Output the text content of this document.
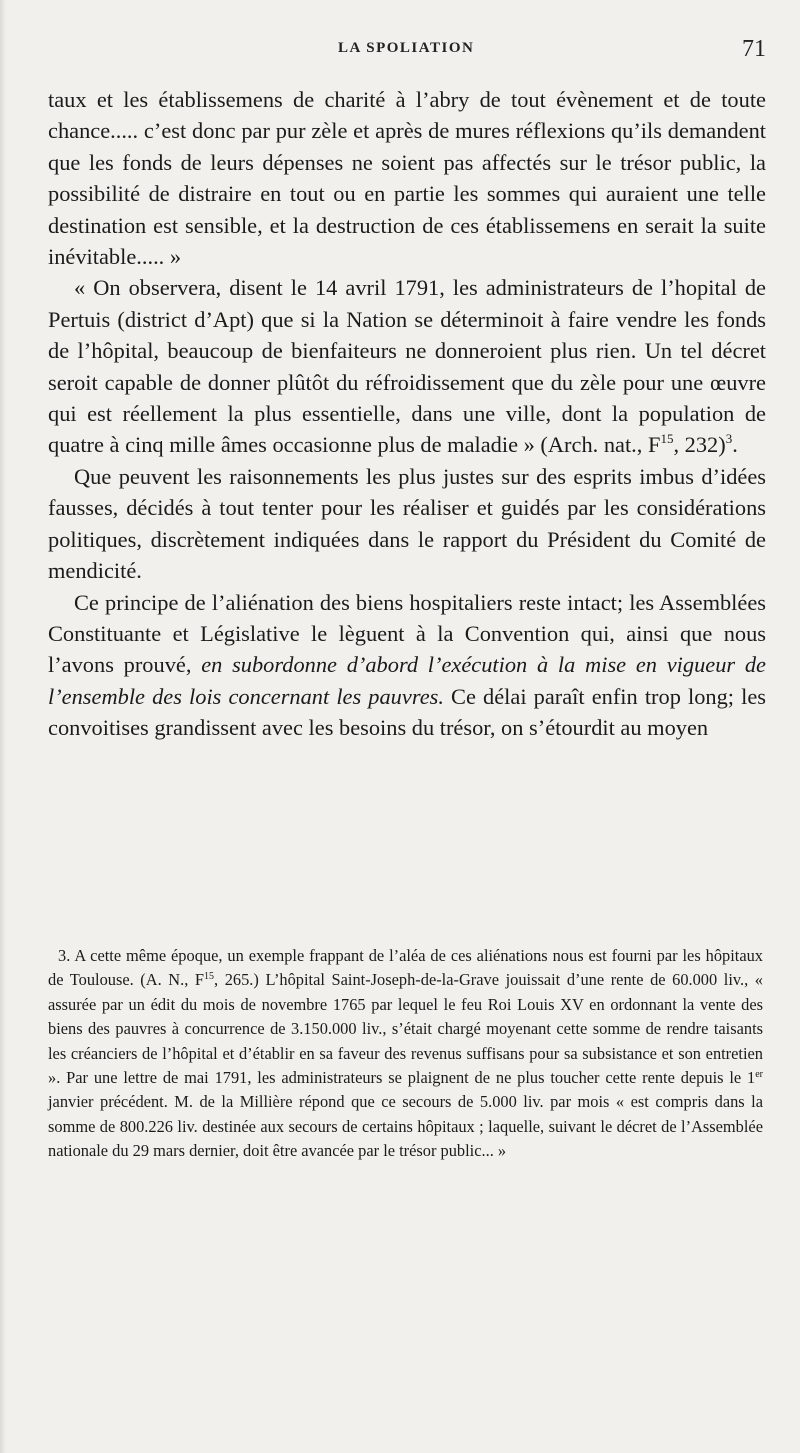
LA SPOLIATION	71

taux et les établissemens de charité à l’abry de tout évènement et de toute chance..... c’est donc par pur zèle et après de mures réflexions qu’ils demandent que les fonds de leurs dépenses ne soient pas affectés sur le trésor public, la possibilité de distraire en tout ou en partie les sommes qui auraient une telle destination est sensible, et la destruction de ces établissemens en serait la suite inévitable..... »

« On observera, disent le 14 avril 1791, les administrateurs de l’hopital de Pertuis (district d’Apt) que si la Nation se déterminoit à faire vendre les fonds de l’hôpital, beaucoup de bienfaiteurs ne donneroient plus rien. Un tel décret seroit capable de donner plûtôt du réfroidissement que du zèle pour une œuvre qui est réellement la plus essentielle, dans une ville, dont la population de quatre à cinq mille âmes occasionne plus de maladie » (Arch. nat., F$^{15}$, 232)$^3$.

Que peuvent les raisonnements les plus justes sur des esprits imbus d’idées fausses, décidés à tout tenter pour les réaliser et guidés par les considérations politiques, discrètement indiquées dans le rapport du Président du Comité de mendicité.

Ce principe de l’aliénation des biens hospitaliers reste intact; les Assemblées Constituante et Législative le lèguent à la Convention qui, ainsi que nous l’avons prouvé, en subordonne d’abord l’exécution à la mise en vigueur de l’ensemble des lois concernant les pauvres. Ce délai paraît enfin trop long; les convoitises grandissent avec les besoins du trésor, on s’étourdit au moyen

3. A cette même époque, un exemple frappant de l’aléa de ces aliénations nous est fourni par les hôpitaux de Toulouse. (A. N., $F^{15}$, 265.) L’hôpital Saint-Joseph-de-la-Grave jouissait d’une rente de 60.000 liv., « assurée par un édit du mois de novembre 1765 par lequel le feu Roi Louis XV en ordonnant la vente des biens des pauvres à concurrence de 3.150.000 liv., s’était chargé moyenant cette somme de rendre taisants les créanciers de l’hôpital et d’établir en sa faveur des revenus suffisans pour sa subsistance et son entretien ». Par une lettre de mai 1791, les administrateurs se plaignent de ne plus toucher cette rente depuis le 1er janvier précédent. M. de la Millière répond que ce secours de 5.000 liv. par mois « est compris dans la somme de 800.226 liv. destinée aux secours de certains hôpitaux ; laquelle, suivant le décret de l’Assemblée nationale du 29 mars dernier, doit être avancée par le trésor public... »
